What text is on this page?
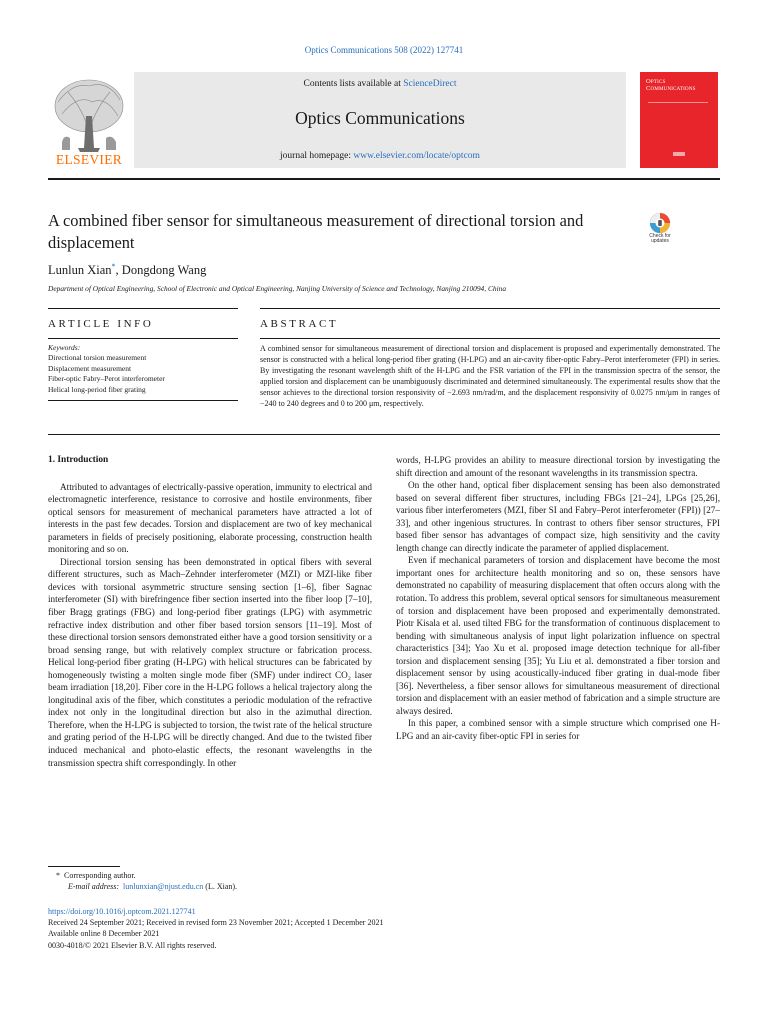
Optics Communications 508 (2022) 127741
ELSEVIER
Contents lists available at ScienceDirect
Optics Communications
journal homepage: www.elsevier.com/locate/optcom
Optics Communications
A combined fiber sensor for simultaneous measurement of directional torsion and displacement	Check for
updates
Lunlun Xian*, Dongdong Wang
Department of Optical Engineering, School of Electronic and Optical Engineering, Nanjing University of Science and Technology, Nanjing 210094, China
ARTICLE INFO	ABSTRACT
Keywords:
Directional torsion measurement
Displacement measurement
Fiber-optic Fabry–Perot interferometer
Helical long-period fiber grating
A combined sensor for simultaneous measurement of directional torsion and displacement is proposed and experimentally demonstrated. The sensor is constructed with a helical long-period fiber grating (H-LPG) and an air-cavity fiber-optic Fabry–Perot interferometer (FPI) in series. By investigating the resonant wavelength shift of the H-LPG and the FSR variation of the FPI in the transmission spectra of the sensor, the applied torsion and displacement can be unambiguously discriminated and determined simultaneously. The experimental results show that the sensor achieves to the directional torsion responsivity of −2.693 nm/rad/m, and the displacement responsivity of 0.0275 nm/μm in ranges of −240 to 240 degrees and 0 to 200 μm, respectively.
1. Introduction

Attributed to advantages of electrically-passive operation, immunity to electrical and electromagnetic interference, resistance to corrosive and hostile environments, fiber optical sensors for measurement of mechanical parameters have attracted a lot of interests in the past few decades. Torsion and displacement are two of key mechanical parameters in fields of precisely positioning, elaborate processing, construction health monitoring and so on.

Directional torsion sensing has been demonstrated in optical fibers with several different structures, such as Mach–Zehnder interferometer (MZI) or MZI-like fiber devices with torsional asymmetric structure sensing section [1–6], fiber Sagnac interferometer (SI) with birefringence fiber section inserted into the fiber loop [7–10], fiber Bragg gratings (FBG) and long-period fiber gratings (LPG) with asymmetric refractive index distribution and other fiber based torsion sensors [11–19]. Most of these directional torsion sensors demonstrated either have a good torsion sensitivity or a broad sensing range, but with relatively complex structure or fabrication process. Helical long-period fiber grating (H-LPG) with helical structures can be fabricated by homogeneously twisting a molten single mode fiber (SMF) under indirect CO₂ laser beam irradiation [18,20]. Fiber core in the H-LPG follows a helical trajectory along the longitudinal axis of the fiber, which constitutes a periodic modulation of the refractive index not only in the longitudinal direction but also in the azimuthal direction. Therefore, when the H-LPG is subjected to torsion, the twist rate of the helical structure and grating period of the H-LPG will be directly changed. And due to the twisted fiber induced mechanical and photo-elastic effects, the resonant wavelengths in the transmission spectra shift correspondingly. In other

words, H-LPG provides an ability to measure directional torsion by investigating the shift direction and amount of the resonant wavelengths in its transmission spectra.

On the other hand, optical fiber displacement sensing has been also demonstrated based on several different fiber structures, including FBGs [21–24], LPGs [25,26], various fiber interferometers (MZI, fiber SI and Fabry–Perot interferometer (FPI)) [27–33], and other ingenious structures. In contrast to others fiber sensor structures, FPI based fiber sensor has advantages of compact size, high sensitivity and the cavity length change can directly indicate the parameter of applied displacement.

Even if mechanical parameters of torsion and displacement have become the most important ones for architecture health monitoring and so on, these sensors have demonstrated no capability of measuring displacement that often occurs along with the rotation. To address this problem, several optical sensors for simultaneous measurement of torsion and displacement have been proposed and experimentally demonstrated. Piotr Kisala et al. used tilted FBG for the transformation of continuous displacement to bending with simultaneous analysis of input light polarization influence on spectral characteristics [34]; Yao Xu et al. proposed image detection technique for all-fiber torsion and displacement sensing [35]; Yu Liu et al. demonstrated a fiber torsion and displacement sensor by using acoustically-induced fiber grating in dual-mode fiber [36]. Nevertheless, a fiber sensor allows for simultaneous measurement of directional torsion and displacement with an easier method of fabrication and a simple structure are always desired.

In this paper, a combined sensor with a simple structure which comprised one H-LPG and an air-cavity fiber-optic FPI in series for

* Corresponding author.
E-mail address: lunlunxian@njust.edu.cn (L. Xian).
https://doi.org/10.1016/j.optcom.2021.127741
Received 24 September 2021; Received in revised form 23 November 2021; Accepted 1 December 2021
Available online 8 December 2021
0030-4018/© 2021 Elsevier B.V. All rights reserved.
